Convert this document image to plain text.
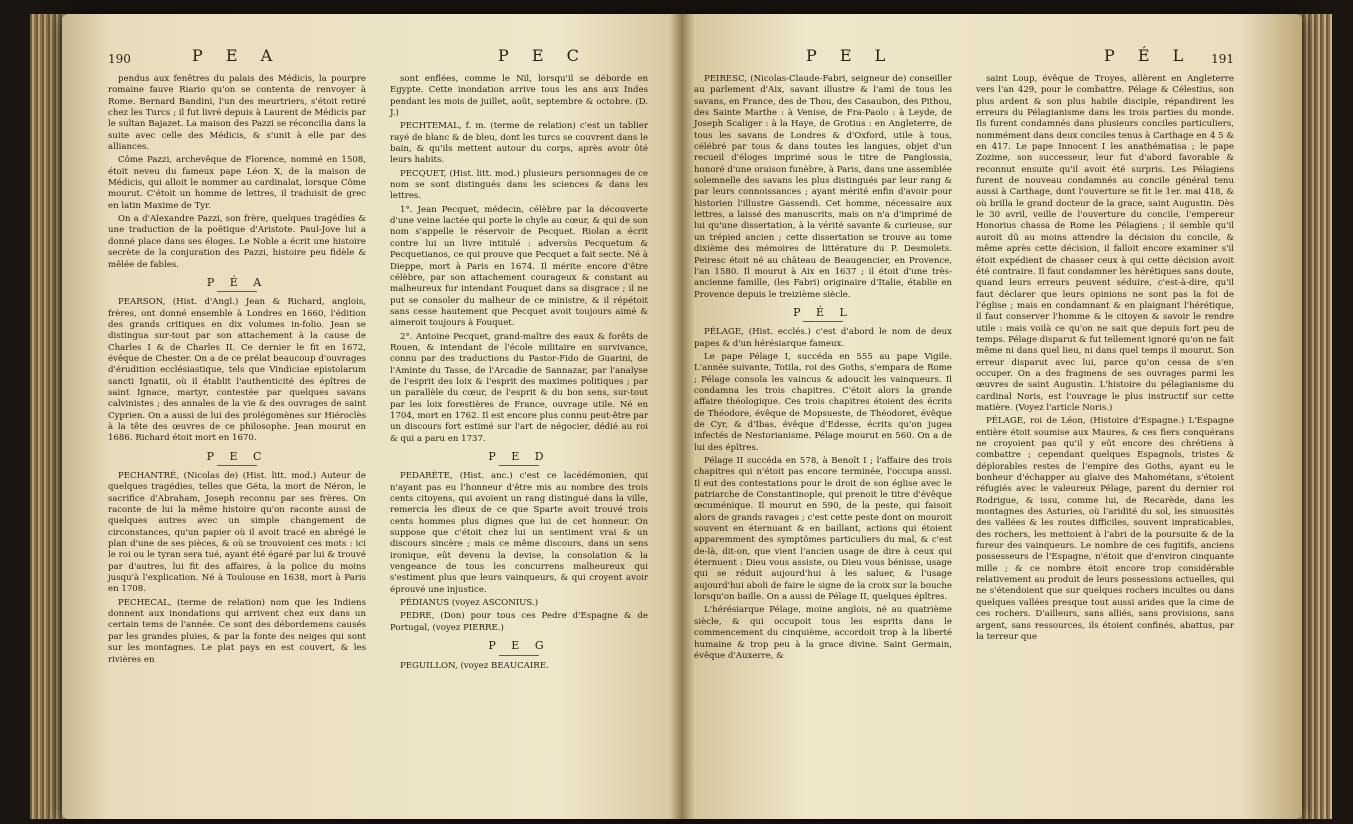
190	P E A	P E C

pendus aux fenêtres du palais des Médicis, la pourpre romaine fauve Riario qu'on se contenta de renvoyer à Rome. Bernard Bandini, l'un des meurtriers, s'étoit retiré chez les Turcs ; il fut livré depuis à Laurent de Médicis par le sultan Bajazet. La maison des Pazzi se réconcilia dans la suite avec celle des Médicis, & s'unit à elle par des alliances.

Côme Pazzi, archevêque de Florence, nommé en 1508, étoit neveu du fameux pape Léon X, de la maison de Médicis, qui alloit le nommer au cardinalat, lorsque Côme mourut. C'étoit un homme de lettres, il traduisit de grec en latin Maxime de Tyr.

On a d'Alexandre Pazzi, son frère, quelques tragédies & une traduction de la poëtique d'Aristote. Paul-Jove lui a donné place dans ses éloges. Le Noble a écrit une histoire secrète de la conjuration des Pazzi, histoire peu fidèle & mêlée de fables.

P É A

PEARSON, (Hist. d'Angl.) Jean & Richard, anglois, frères, ont donné ensemble à Londres en 1660, l'édition des grands critiques en dix volumes in-folio. Jean se distingua sur-tout par son attachement à la cause de Charles I & de Charles II. Ce dernier le fit en 1672, évêque de Chester. On a de ce prélat beaucoup d'ouvrages d'érudition ecclésiastique, tels que Vindiciae epistolarum sancti Ignatii, où il établit l'authenticité des épîtres de saint Ignace, martyr, contestée par quelques savans calvinistes ; des annales de la vie & des ouvrages de saint Cyprien. On a aussi de lui des prolégomènes sur Hiéroclès à la tête des œuvres de ce philosophe. Jean mourut en 1686. Richard étoit mort en 1670.

P E C

PECHANTRÉ, (Nicolas de) (Hist. litt. mod.) Auteur de quelques tragédies, telles que Géta, la mort de Néron, le sacrifice d'Abraham, Joseph reconnu par ses frères. On raconte de lui la même histoire qu'on raconte aussi de quelques autres avec un simple changement de circonstances, qu'un papier où il avoit tracé en abrégé le plan d'une de ses pièces, & où se trouvoient ces mots : ici le roi ou le tyran sera tué, ayant été égaré par lui & trouvé par d'autres, lui fit des affaires, à la police du moins jusqu'à l'explication. Né à Toulouse en 1638, mort à Paris en 1708.

PECHECAL, (terme de relation) nom que les Indiens donnent aux inondations qui arrivent chez eux dans un certain tems de l'année. Ce sont des débordemens causés par les grandes pluies, & par la fonte des neiges qui sont sur les montagnes. Le plat pays en est couvert, & les rivières en

sont enflées, comme le Nil, lorsqu'il se déborde en Egypte. Cette inondation arrive tous les ans aux Indes pendant les mois de juillet, août, septembre & octobre. (D. J.)

PECHTEMAL, f. m. (terme de relation) c'est un tablier rayé de blanc & de bleu, dont les turcs se couvrent dans le bain, & qu'ils mettent autour du corps, après avoir ôté leurs habits.

PECQUET, (Hist. litt. mod.) plusieurs personnages de ce nom se sont distingués dans les sciences & dans les lettres.

1°. Jean Pecquet, médecin, célèbre par la découverte d'une veine lactée qui porte le chyle au cœur, & qui de son nom s'appelle le réservoir de Pecquet. Riolan a écrit contre lui un livre intitulé : adversùs Pecquetum & Pecquetianos, ce qui prouve que Pecquet a fait secte. Né à Dieppe, mort à Paris en 1674. Il mérite encore d'être célèbre, par son attachement courageux & constant au malheureux fur intendant Fouquet dans sa disgrace ; il ne put se consoler du malheur de ce ministre, & il répétoit sans cesse hautement que Pecquet avoit toujours aimé & aimeroit toujours à Fouquet.

2°. Antoine Pecquet, grand-maître des eaux & forêts de Rouen, & intendant de l'école militaire en survivance, connu par des traductions du Pastor-Fido de Guarini, de l'Aminte du Tasse, de l'Arcadie de Sannazar, par l'analyse de l'esprit des loix & l'esprit des maximes politiques ; par un parallèle du cœur, de l'esprit & du bon sens, sur-tout par les loix forestières de France, ouvrage utile. Né en 1704, mort en 1762. Il est encore plus connu peut-être par un discours fort estimé sur l'art de négocier, dédié au roi & qui a paru en 1737.

P E D

PEDARÈTE, (Hist. anc.) c'est ce lacédémonien, qui n'ayant pas eu l'honneur d'être mis au nombre des trois cents citoyens, qui avoient un rang distingué dans la ville, remercia les dieux de ce que Sparte avoit trouvé trois cents hommes plus dignes que lui de cet honneur. On suppose que c'étoit chez lui un sentiment vrai & un discours sincère ; mais ce même discours, dans un sens ironique, eût devenu la devise, la consolation & la vengeance de tous les concurrens malheureux qui s'estiment plus que leurs vainqueurs, & qui croyent avoir éprouvé une injustice.

PÉDIANUS (voyez ASCONIUS.)

PEDRE, (Don) pour tous ces Pedre d'Espagne & de Portugal, (voyez PIERRE.)

P E G

PEGUILLON, (voyez BEAUCAIRE.

P E L	P É L 191

PEIRESC, (Nicolas-Claude-Fabri, seigneur de) conseiller au parlement d'Aix, savant illustre & l'ami de tous les savans, en France, des de Thou, des Casaubon, des Pithou, des Sainte Marthe : à Venise, de Fra-Paolo : à Leyde, de Joseph Scaliger : à la Haye, de Grotius : en Angleterre, de tous les savans de Londres & d'Oxford, utile à tous, célébré par tous & dans toutes les langues, objet d'un recueil d'éloges imprimé sous le titre de Panglossia, honoré d'une oraison funèbre, à Paris, dans une assemblée solemnelle des savans les plus distingués par leur rang & par leurs connoissances ; ayant mérité enfin d'avoir pour historien l'illustre Gassendi. Cet homme, nécessaire aux lettres, a laissé des manuscrits, mais on n'a d'imprimé de lui qu'une dissertation, à la vérité savante & curieuse, sur un trépied ancien ; cette dissertation se trouve au tome dixième des mémoires de littérature du P. Desmolets. Peiresc étoit né au château de Beaugencier, en Provence, l'an 1580. Il mourut à Aix en 1637 ; il étoit d'une très-ancienne famille, (les Fabri) originaire d'Italie, établie en Provence depuis le treizième siècle.

P É L

PÉLAGE, (Hist. ecclés.) c'est d'abord le nom de deux papes & d'un hérésiarque fameux.

Le pape Pélage I, succéda en 555 au pape Vigile. L'année suivante, Totila, roi des Goths, s'empara de Rome ; Pélage consola les vaincus & adoucit les vainqueurs. Il condamna les trois chapitres. C'étoit alors la grande affaire théologique. Ces trois chapitres étoient des écrits de Théodore, évêque de Mopsueste, de Théodoret, évêque de Cyr, & d'Ibas, évêque d'Edesse, écrits qu'on jugea infectés de Nestorianisme. Pélage mourut en 560. On a de lui des épîtres.

Pélage II succéda en 578, à Benoît I ; l'affaire des trois chapitres qui n'étoit pas encore terminée, l'occupa aussi. Il eut des contestations pour le droit de son église avec le patriarche de Constantinople, qui prenoit le titre d'évêque œcuménique. Il mourut en 590, de la peste, qui faisoit alors de grands ravages ; c'est cette peste dont on mouroit souvent en éternuant & en baillant, actions qui étoient apparemment des symptômes particuliers du mal, & c'est de-là, dit-on, que vient l'ancien usage de dire à ceux qui éternuent : Dieu vous assiste, ou Dieu vous bénisse, usage qui se réduit aujourd'hui à les saluer, & l'usage aujourd'hui aboli de faire le signe de la croix sur la bouche lorsqu'on baille. On a aussi de Pélage II, quelques épîtres.

L'hérésiarque Pélage, moine anglois, né au quatrième siècle, & qui occupoit tous les esprits dans le commencement du cinquième, accordoit trop à la liberté humaine & trop peu à la grace divine. Saint Germain, évêque d'Auxerre, &

saint Loup, évêque de Troyes, allèrent en Angleterre vers l'an 429, pour le combattre. Pélage & Célestius, son plus ardent & son plus habile disciple, répandirent les erreurs du Pélagianisme dans les trois parties du monde. Ils furent condamnés dans plusieurs conciles particuliers, nommément dans deux conciles tenus à Carthage en 4 5 & en 417. Le pape Innocent I les anathématisa ; le pape Zozime, son successeur, leur fut d'abord favorable & reconnut ensuite qu'il avoit été surpris. Les Pélagiens furent de nouveau condamnés au concile général tenu aussi à Carthage, dont l'ouverture se fit le 1er. mai 418, & où brilla le grand docteur de la grace, saint Augustin. Dès le 30 avril, veille de l'ouverture du concile, l'empereur Honorius chassa de Rome les Pélagiens ; il semble qu'il auroit dû au moins attendre la décision du concile, & même après cette décision, il falloit encore examiner s'il étoit expédient de chasser ceux à qui cette décision avoit été contraire. Il faut condamner les hérétiques sans doute, quand leurs erreurs peuvent séduire, c'est-à-dire, qu'il faut déclarer que leurs opinions ne sont pas la foi de l'église ; mais en condamnant & en plaignant l'hérétique, il faut conserver l'homme & le citoyen & savoir le rendre utile : mais voilà ce qu'on ne sait que depuis fort peu de temps. Pélage disparut & fut tellement ignoré qu'on ne fait même ni dans quel lieu, ni dans quel temps il mourut. Son erreur disparut avec lui, parce qu'on cessa de s'en occuper. On a des fragmens de ses ouvrages parmi les œuvres de saint Augustin. L'histoire du pélagianisme du cardinal Noris, est l'ouvrage le plus instructif sur cette matière. (Voyez l'article Noris.)

PÉLAGE, roi de Léon, (Histoire d'Espagne.) L'Espagne entière étoit soumise aux Maures, & ces fiers conquérans ne croyoient pas qu'il y eût encore des chrétiens à combattre ; cependant quelques Espagnols, tristes & déplorables restes de l'empire des Goths, ayant eu le bonheur d'échapper au glaive des Mahométans, s'étoient réfugiés avec le valeureux Pélage, parent du dernier roi Rodrigue, & issu, comme lui, de Recarède, dans les montagnes des Asturies, où l'aridité du sol, les sinuosités des vallées & les routes difficiles, souvent impraticables, des rochers, les mettoient à l'abri de la poursuite & de la fureur des vainqueurs. Le nombre de ces fugitifs, anciens possesseurs de l'Espagne, n'étoit que d'environ cinquante mille ; & ce nombre étoit encore trop considérable relativement au produit de leurs possessions actuelles, qui ne s'étendoient que sur quelques rochers incultes ou dans quelques vallées presque tout aussi arides que la cime de ces rochers. D'ailleurs, sans alliés, sans provisions, sans argent, sans ressources, ils étoient confinés, abattus, par la terreur que
